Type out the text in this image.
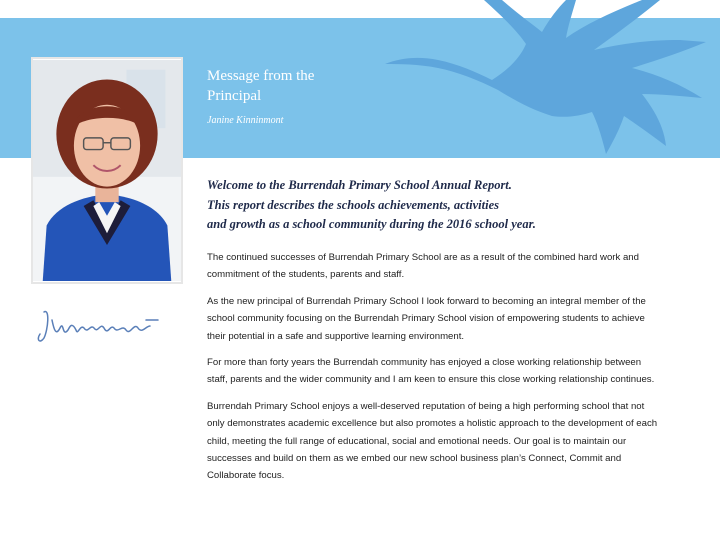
Message from the Principal
Janine Kinninmont
Welcome to the Burrendah Primary School Annual Report.
This report describes the schools achievements, activities
and growth as a school community during the 2016 school year.

The continued successes of Burrendah Primary School are as a result of the combined hard work and commitment of the students, parents and staff.

As the new principal of Burrendah Primary School I look forward to becoming an integral member of the school community focusing on the Burrendah Primary School vision of empowering students to achieve their potential in a safe and supportive learning environment.

For more than forty years the Burrendah community has enjoyed a close working relationship between staff, parents and the wider community and I am keen to ensure this close working relationship continues.

Burrendah Primary School enjoys a well-deserved reputation of being a high performing school that not only demonstrates academic excellence but also promotes a holistic approach to the development of each child, meeting the full range of educational, social and emotional needs. Our goal is to maintain our successes and build on them as we embed our new school business plan’s Connect, Commit and Collaborate focus.
